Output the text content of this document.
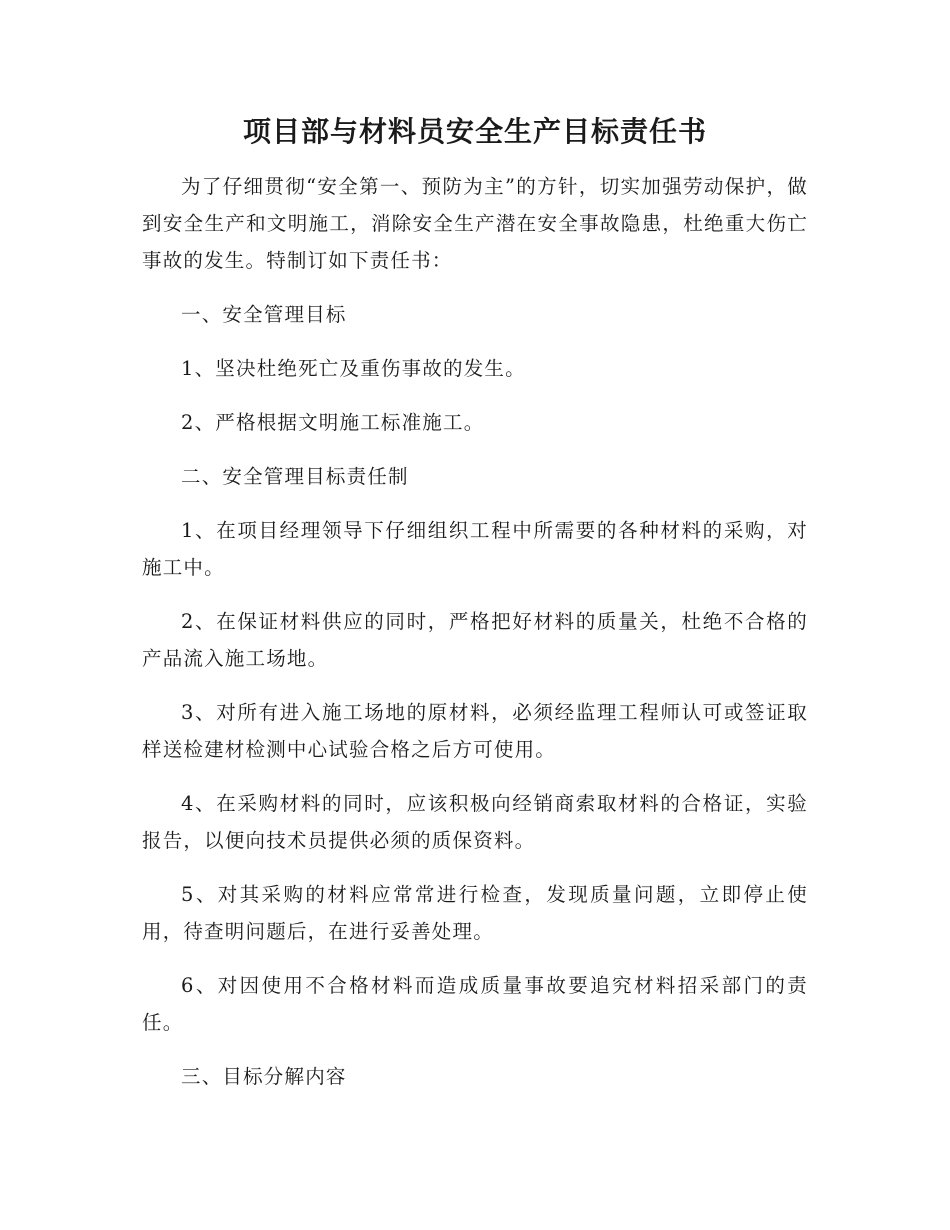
项目部与材料员安全生产目标责任书

为了仔细贯彻“安全第一、预防为主”的方针，切实加强劳动保护，做到安全生产和文明施工，消除安全生产潜在安全事故隐患，杜绝重大伤亡事故的发生。特制订如下责任书：

一、安全管理目标

1、坚决杜绝死亡及重伤事故的发生。

2、严格根据文明施工标准施工。

二、安全管理目标责任制

1、在项目经理领导下仔细组织工程中所需要的各种材料的采购，对施工中。

2、在保证材料供应的同时，严格把好材料的质量关，杜绝不合格的产品流入施工场地。

3、对所有进入施工场地的原材料，必须经监理工程师认可或签证取样送检建材检测中心试验合格之后方可使用。

4、在采购材料的同时，应该积极向经销商索取材料的合格证，实验报告，以便向技术员提供必须的质保资料。

5、对其采购的材料应常常进行检查，发现质量问题，立即停止使用，待查明问题后，在进行妥善处理。

6、对因使用不合格材料而造成质量事故要追究材料招采部门的责任。

三、目标分解内容
